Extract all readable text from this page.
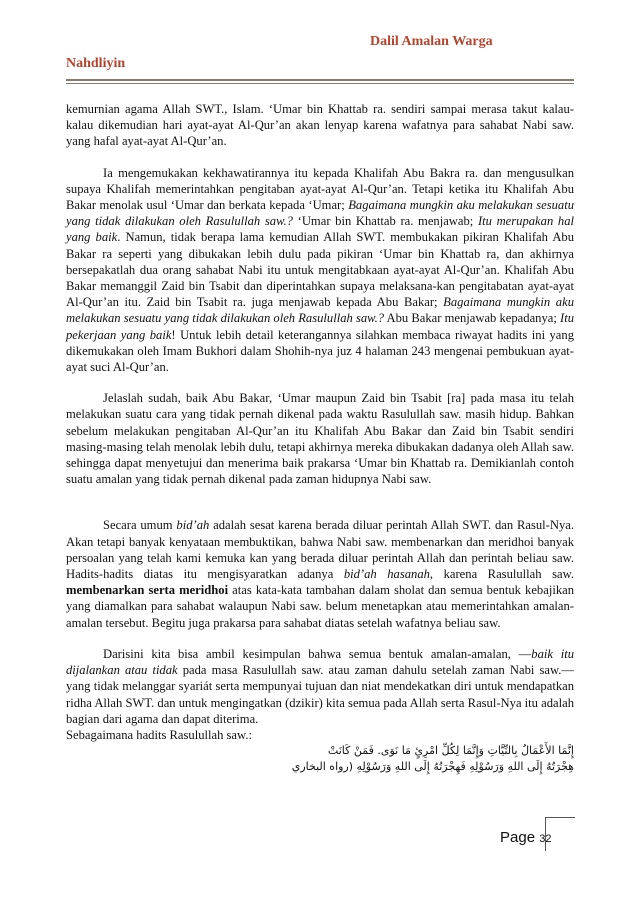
Dalil Amalan Warga
Nahdliyin

kemurnian agama Allah SWT., Islam. ‘Umar bin Khattab ra. sendiri sampai merasa takut kalau-kalau dikemudian hari ayat-ayat Al-Qur’an akan lenyap karena wafatnya para sahabat Nabi saw. yang hafal ayat-ayat Al-Qur’an.

Ia mengemukakan kekhawatirannya itu kepada Khalifah Abu Bakra ra. dan mengusulkan supaya Khalifah memerintahkan pengitaban ayat-ayat Al-Qur’an. Tetapi ketika itu Khalifah Abu Bakar menolak usul ‘Umar dan berkata kepada ‘Umar; Bagaimana mungkin aku melakukan sesuatu yang tidak dilakukan oleh Rasulullah saw.? ‘Umar bin Khattab ra. menjawab; Itu merupakan hal yang baik. Namun, tidak berapa lama kemudian Allah SWT. membukakan pikiran Khalifah Abu Bakar ra seperti yang dibukakan lebih dulu pada pikiran ‘Umar bin Khattab ra, dan akhirnya bersepakatlah dua orang sahabat Nabi itu untuk mengitabkaan ayat-ayat Al-Qur’an. Khalifah Abu Bakar memanggil Zaid bin Tsabit dan diperintahkan supaya melaksana-kan pengitabatan ayat-ayat Al-Qur’an itu. Zaid bin Tsabit ra. juga menjawab kepada Abu Bakar; Bagaimana mungkin aku melakukan sesuatu yang tidak dilakukan oleh Rasulullah saw.? Abu Bakar menjawab kepadanya; Itu pekerjaan yang baik! Untuk lebih detail keterangannya silahkan membaca riwayat hadits ini yang dikemukakan oleh Imam Bukhori dalam Shohih-nya juz 4 halaman 243 mengenai pembukuan ayat-ayat suci Al-Qur’an.

Jelaslah sudah, baik Abu Bakar, ‘Umar maupun Zaid bin Tsabit [ra] pada masa itu telah melakukan suatu cara yang tidak pernah dikenal pada waktu Rasulullah saw. masih hidup. Bahkan sebelum melakukan pengitaban Al-Qur’an itu Khalifah Abu Bakar dan Zaid bin Tsabit sendiri masing-masing telah menolak lebih dulu, tetapi akhirnya mereka dibukakan dadanya oleh Allah saw. sehingga dapat menyetujui dan menerima baik prakarsa ‘Umar bin Khattab ra. Demikianlah contoh suatu amalan yang tidak pernah dikenal pada zaman hidupnya Nabi saw.

Secara umum bid’ah adalah sesat karena berada diluar perintah Allah SWT. dan Rasul-Nya. Akan tetapi banyak kenyataan membuktikan, bahwa Nabi saw. membenarkan dan meridhoi banyak persoalan yang telah kami kemuka kan yang berada diluar perintah Allah dan perintah beliau saw. Hadits-hadits diatas itu mengisyaratkan adanya bid’ah hasanah, karena Rasulullah saw. membenarkan serta meridhoi atas kata-kata tambahan dalam sholat dan semua bentuk kebajikan yang diamalkan para sahabat walaupun Nabi saw. belum menetapkan atau memerintahkan amalan-amalan tersebut. Begitu juga prakarsa para sahabat diatas setelah wafatnya beliau saw.

Darisini kita bisa ambil kesimpulan bahwa semua bentuk amalan-amalan, ―baik itu dijalankan atau tidak pada masa Rasulullah saw. atau zaman dahulu setelah zaman Nabi saw.― yang tidak melanggar syariát serta mempunyai tujuan dan niat mendekatkan diri untuk mendapatkan ridha Allah SWT. dan untuk mengingatkan (dzikir) kita semua pada Allah serta Rasul-Nya itu adalah bagian dari agama dan dapat diterima.

Sebagaimana hadits Rasulullah saw.:

إِنَّمَا الأَعْمَالُ بِالنِّيَّاتِ وَإِنَّمَا لِكُلِّ امْرِئٍ مَا نَوَى. فَمَنْ كَانَتْ

هِجْرَتُهُ إِلَى اللهِ وَرَسُوْلِهِ فَهِجْرَتُهُ إِلَى اللهِ وَرَسُوْلِهِ (رواه البخاري

Page 32
